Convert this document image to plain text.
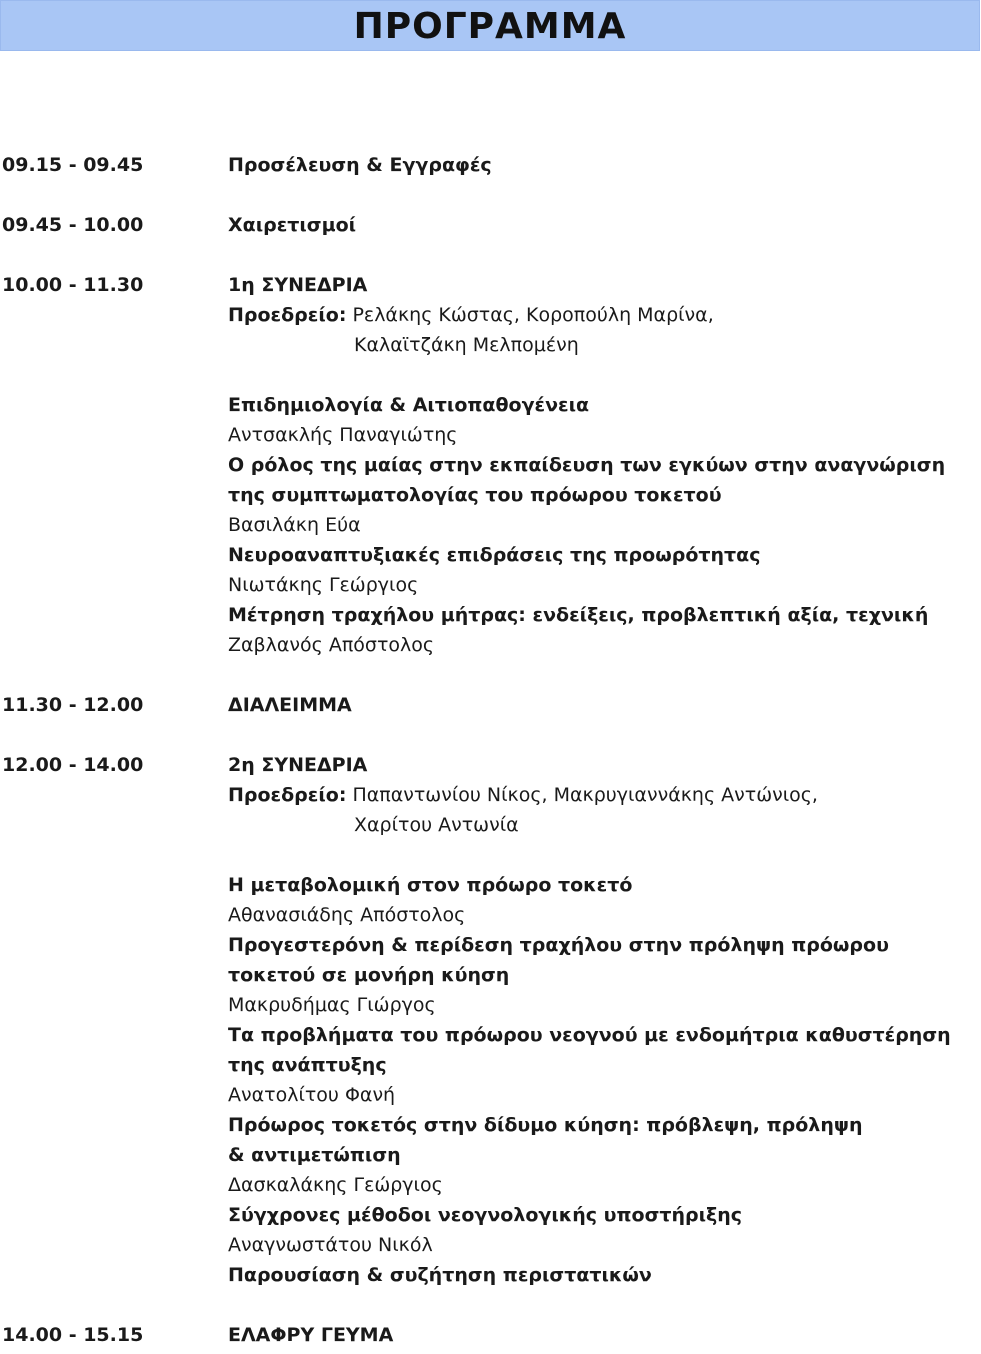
ΠΡΟΓΡΑΜΜΑ
09.15 - 09.45	Προσέλευση & Εγγραφές
09.45 - 10.00	Χαιρετισμοί
10.00 - 11.30	1η ΣΥΝΕΔΡΙΑ
Προεδρείο: Ρελάκης Κώστας, Κοροπούλη Μαρίνα,
Καλαϊτζάκη Μελπομένη
Επιδημιολογία & Αιτιοπαθογένεια
Αντσακλής Παναγιώτης
Ο ρόλος της μαίας στην εκπαίδευση των εγκύων στην αναγνώριση
της συμπτωματολογίας του πρόωρου τοκετού
Βασιλάκη Εύα
Νευροαναπτυξιακές επιδράσεις της προωρότητας
Νιωτάκης Γεώργιος
Μέτρηση τραχήλου μήτρας: ενδείξεις, προβλεπτική αξία, τεχνική
Ζαβλανός Απόστολος
11.30 - 12.00	ΔΙΑΛΕΙΜΜΑ
12.00 - 14.00	2η ΣΥΝΕΔΡΙΑ
Προεδρείο: Παπαντωνίου Νίκος, Μακρυγιαννάκης Αντώνιος,
Χαρίτου Αντωνία
Η μεταβολομική στον πρόωρο τοκετό
Αθανασιάδης Απόστολος
Προγεστερόνη & περίδεση τραχήλου στην πρόληψη πρόωρου
τοκετού σε μονήρη κύηση
Μακρυδήμας Γιώργος
Τα προβλήματα του πρόωρου νεογνού με ενδομήτρια καθυστέρηση
της ανάπτυξης
Ανατολίτου Φανή
Πρόωρος τοκετός στην δίδυμο κύηση: πρόβλεψη, πρόληψη
& αντιμετώπιση
Δασκαλάκης Γεώργιος
Σύγχρονες μέθοδοι νεογνολογικής υποστήριξης
Αναγνωστάτου Νικόλ
Παρουσίαση & συζήτηση περιστατικών
14.00 - 15.15	ΕΛΑΦΡΥ ΓΕΥΜΑ
